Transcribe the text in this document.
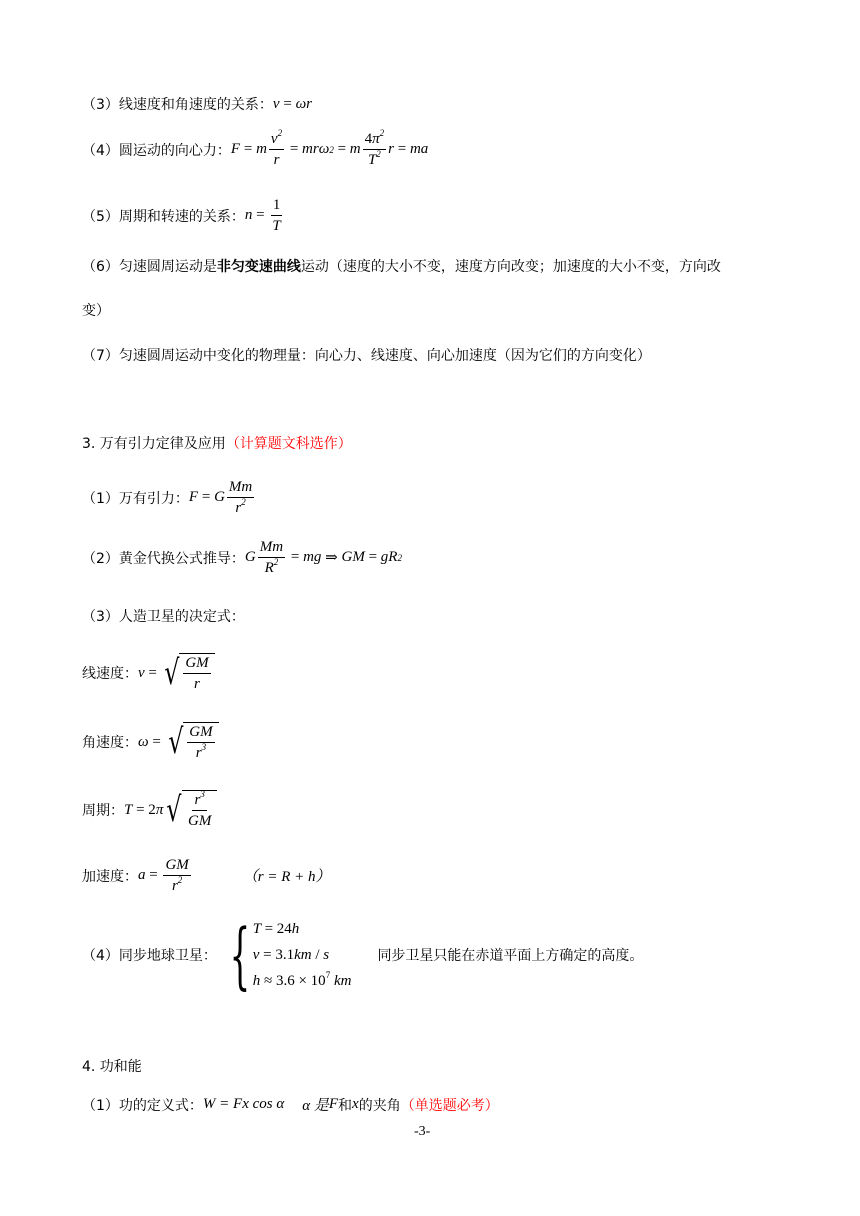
（3）线速度和角速度的关系： v = ωr
（4）圆运动的向心力： F = m $\frac{v^2}{r} = mr\omega$ 2 = m $\frac{4\pi^2}{T^2}$ r = ma
（5）周期和转速的关系： $n = \frac{1}{T}$
（6）匀速圆周运动是 非匀变速曲线 运动（速度的大小不变，速度方向改变；加速度的大小不变，方向改
变）
（7）匀速圆周运动中变化的物理量：向心力、线速度、向心加速度（因为它们的方向变化）
3. 万有引力定律及应用 （计算题文科选作）
（1）万有引力： F = G $\frac{Mm}{r^2}$
（2）黄金代换公式推导： G $\frac{Mm}{R^2}$ = mg ⇒ GM = gR 2
（3）人造卫星的决定式：
线速度： v = √ $\frac{GM}{r}$
角速度： ω = √ $\frac{GM}{r^3}$
周期： T = 2 π √ $\frac{r^3}{GM}$
加速度： $a = \frac{GM}{r^2}$	（r = R + h）
（4）同步地球卫星： { T = 24h
v = 3.1km / s
$h \approx 3.6 \times 10^7$ km
同步卫星只能在赤道平面上方确定的高度。
4. 功和能
（1）功的定义式： W = Fx cos α α 是 F 和 x 的夹角 （单选题必考）
-3-
